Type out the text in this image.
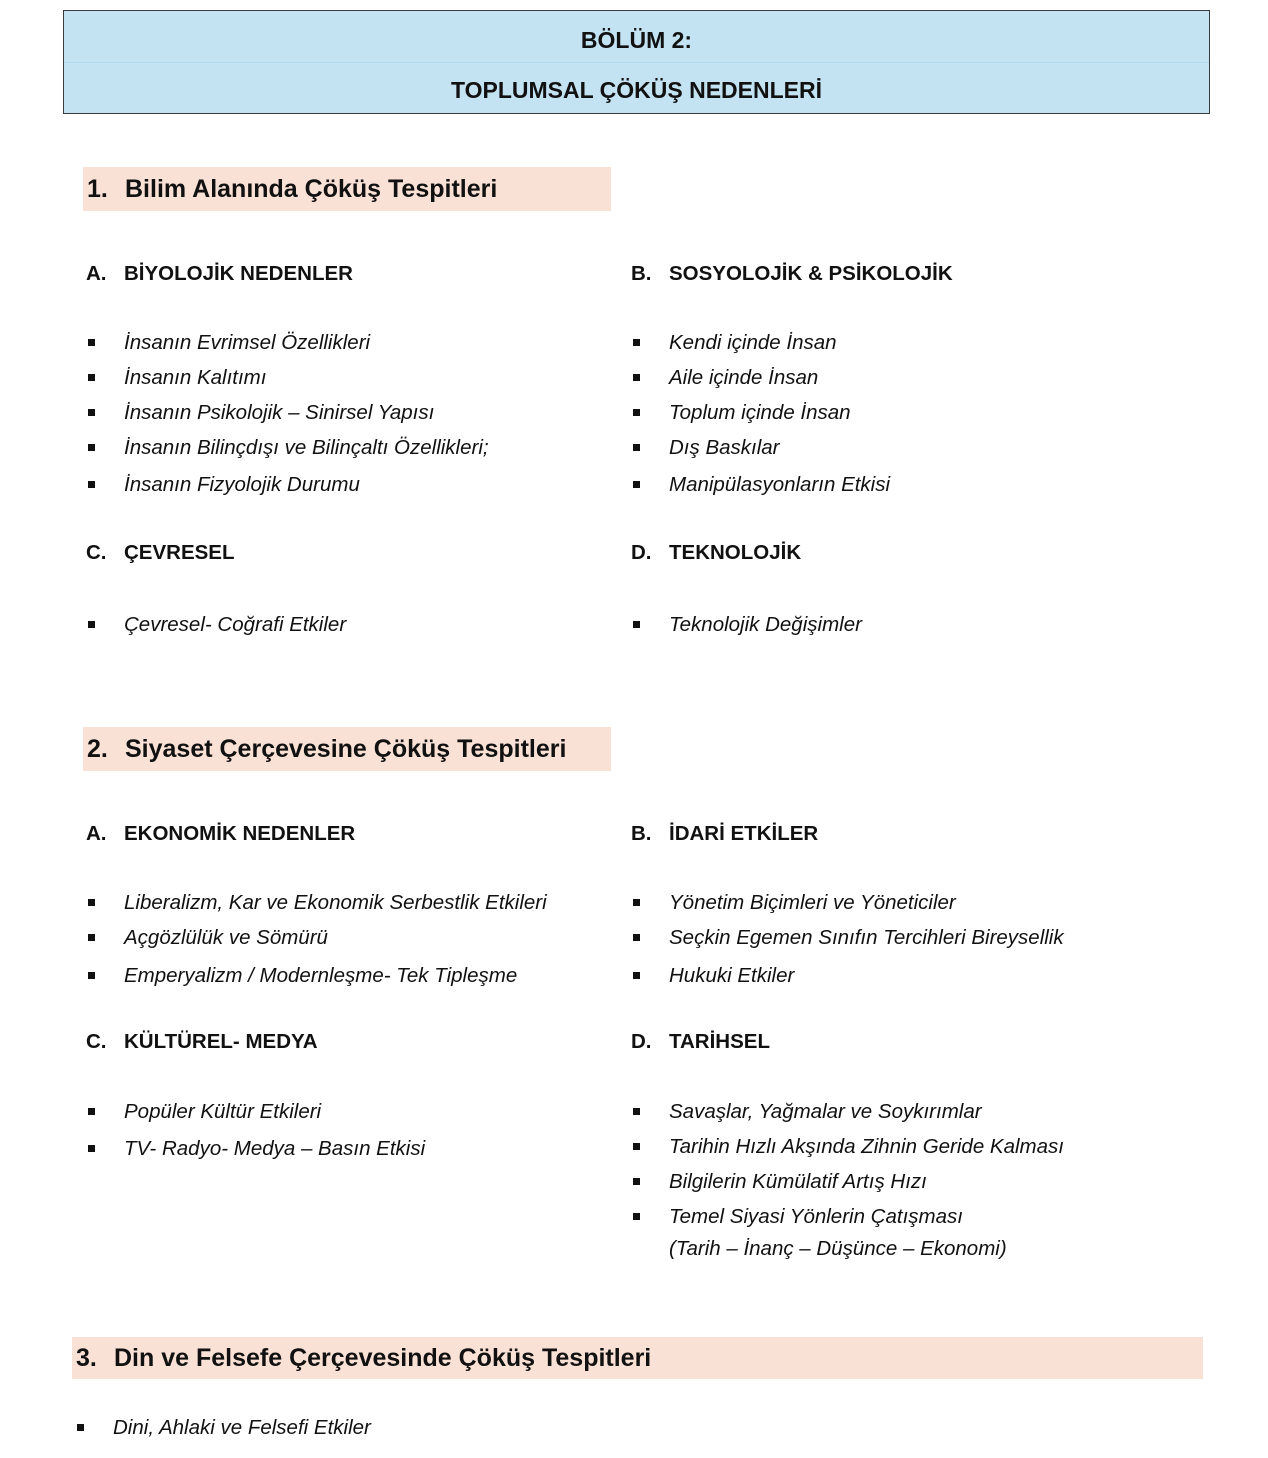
BÖLÜM 2:
TOPLUMSAL ÇÖKÜŞ NEDENLERİ
1. Bilim Alanında Çöküş Tespitleri
A. BİYOLOJİK NEDENLER
İnsanın Evrimsel Özellikleri
İnsanın Kalıtımı
İnsanın Psikolojik – Sinirsel Yapısı
İnsanın Bilinçdışı ve Bilinçaltı Özellikleri;
İnsanın Fizyolojik Durumu
B. SOSYOLOJİK & PSİKOLOJİK
Kendi içinde İnsan
Aile içinde İnsan
Toplum içinde İnsan
Dış Baskılar
Manipülasyonların Etkisi
C. ÇEVRESEL
Çevresel- Coğrafi Etkiler
D. TEKNOLOJİK
Teknolojik Değişimler
2. Siyaset Çerçevesine Çöküş Tespitleri
A. EKONOMİK NEDENLER
Liberalizm, Kar ve Ekonomik Serbestlik Etkileri
Açgözlülük ve Sömürü
Emperyalizm / Modernleşme- Tek Tipleşme
B. İDARİ ETKİLER
Yönetim Biçimleri ve Yöneticiler
Seçkin Egemen Sınıfın Tercihleri Bireysellik
Hukuki Etkiler
C. KÜLTÜREL- MEDYA
Popüler Kültür Etkileri
TV- Radyo- Medya – Basın Etkisi
D. TARİHSEL
Savaşlar, Yağmalar ve Soykırımlar
Tarihin Hızlı Akşında Zihnin Geride Kalması
Bilgilerin Kümülatif Artış Hızı
Temel Siyasi Yönlerin Çatışması
(Tarih – İnanç – Düşünce – Ekonomi)
3. Din ve Felsefe Çerçevesinde Çöküş Tespitleri
Dini, Ahlaki ve Felsefi Etkiler
